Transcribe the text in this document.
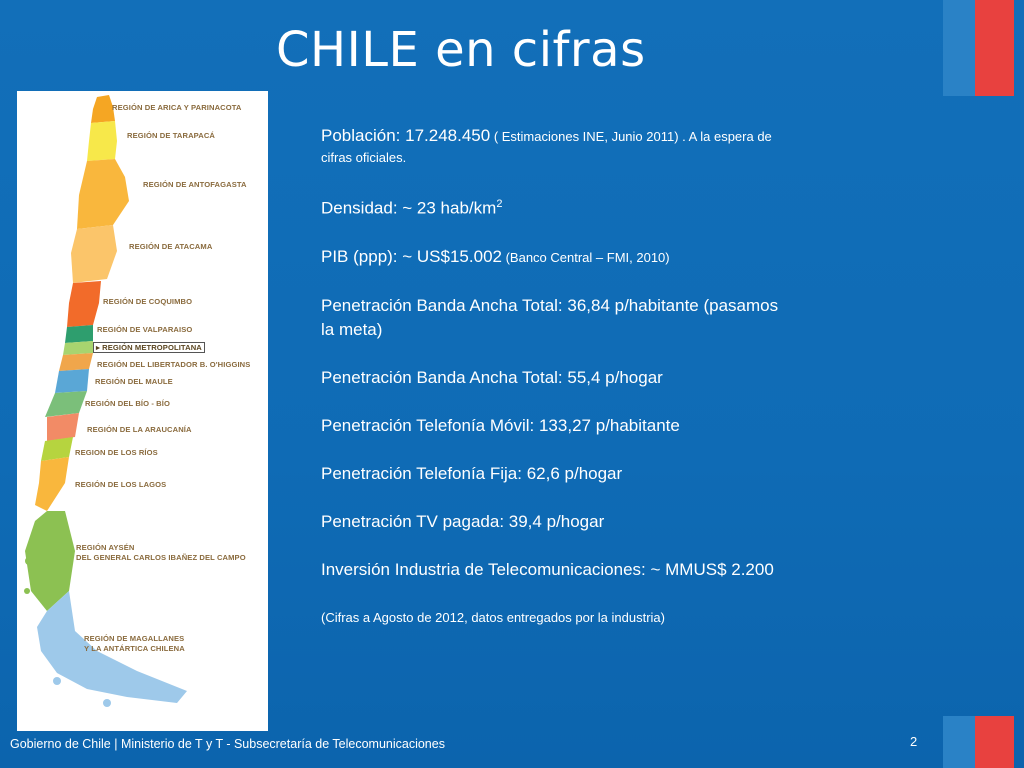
CHILE en cifras
REGIÓN DE ARICA Y PARINACOTA
REGIÓN DE TARAPACÁ
REGIÓN DE ANTOFAGASTA
REGIÓN DE ATACAMA
REGIÓN DE COQUIMBO
REGIÓN DE VALPARAISO
▸ REGIÓN METROPOLITANA
REGIÓN DEL LIBERTADOR B. O'HIGGINS
REGIÓN DEL MAULE
REGIÓN DEL BÍO - BÍO
REGIÓN DE LA ARAUCANÍA
REGION DE LOS RÍOS
REGIÓN DE LOS LAGOS
REGIÓN AYSÉN
DEL GENERAL CARLOS IBAÑEZ DEL CAMPO
REGIÓN DE MAGALLANES
Y LA ANTÁRTICA CHILENA

Población: 17.248.450 ( Estimaciones INE, Junio 2011) . A la espera de cifras oficiales.

Densidad: ~ 23 hab/$km^2$

PIB (ppp): ~ US$15.002 (Banco Central – FMI, 2010)

Penetración Banda Ancha Total: 36,84 p/habitante (pasamos la meta)

Penetración Banda Ancha Total: 55,4 p/hogar

Penetración Telefonía Móvil: 133,27 p/habitante

Penetración Telefonía Fija: 62,6 p/hogar

Penetración TV pagada: 39,4 p/hogar

Inversión Industria de Telecomunicaciones: ~ MMUS$ 2.200

(Cifras a Agosto de 2012, datos entregados por la industria)

Gobierno de Chile | Ministerio de T y T - Subsecretaría de Telecomunicaciones	2
